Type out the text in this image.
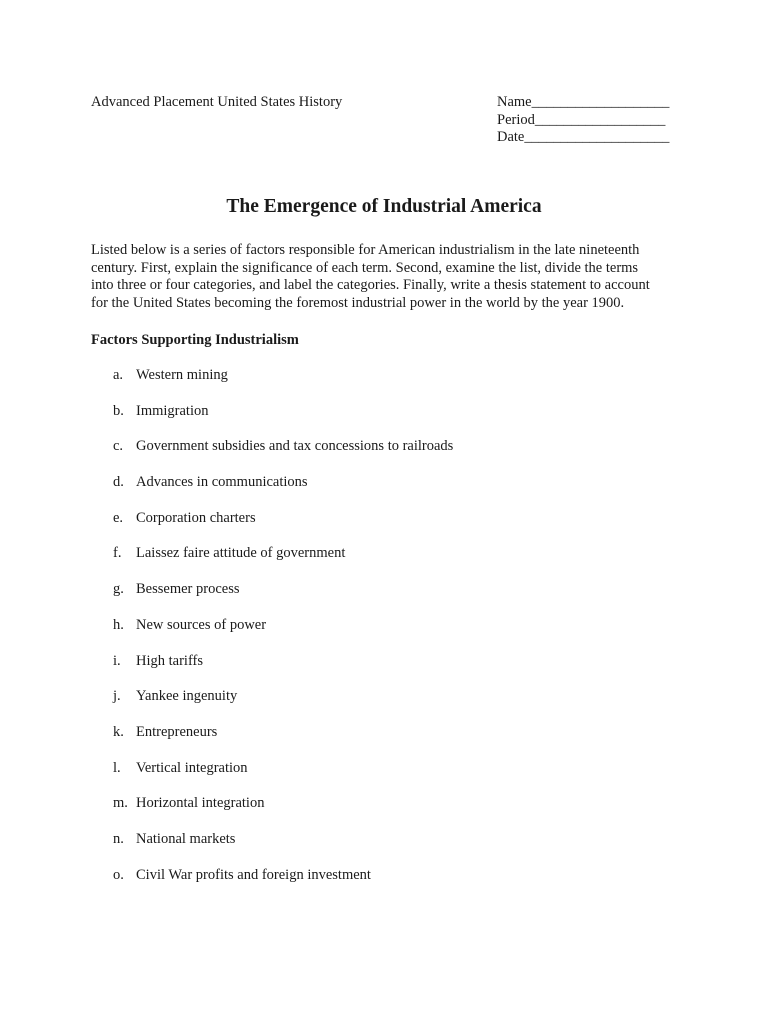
Advanced Placement United States History	Name___________________
Period__________________
Date____________________
The Emergence of Industrial America
Listed below is a series of factors responsible for American industrialism in the late nineteenth
century. First, explain the significance of each term. Second, examine the list, divide the terms
into three or four categories, and label the categories. Finally, write a thesis statement to account
for the United States becoming the foremost industrial power in the world by the year 1900.
Factors Supporting Industrialism
a. Western mining
b. Immigration
c. Government subsidies and tax concessions to railroads
d. Advances in communications
e. Corporation charters
f. Laissez faire attitude of government
g. Bessemer process
h. New sources of power
i. High tariffs
j. Yankee ingenuity
k. Entrepreneurs
l. Vertical integration
m. Horizontal integration
n. National markets
o. Civil War profits and foreign investment
